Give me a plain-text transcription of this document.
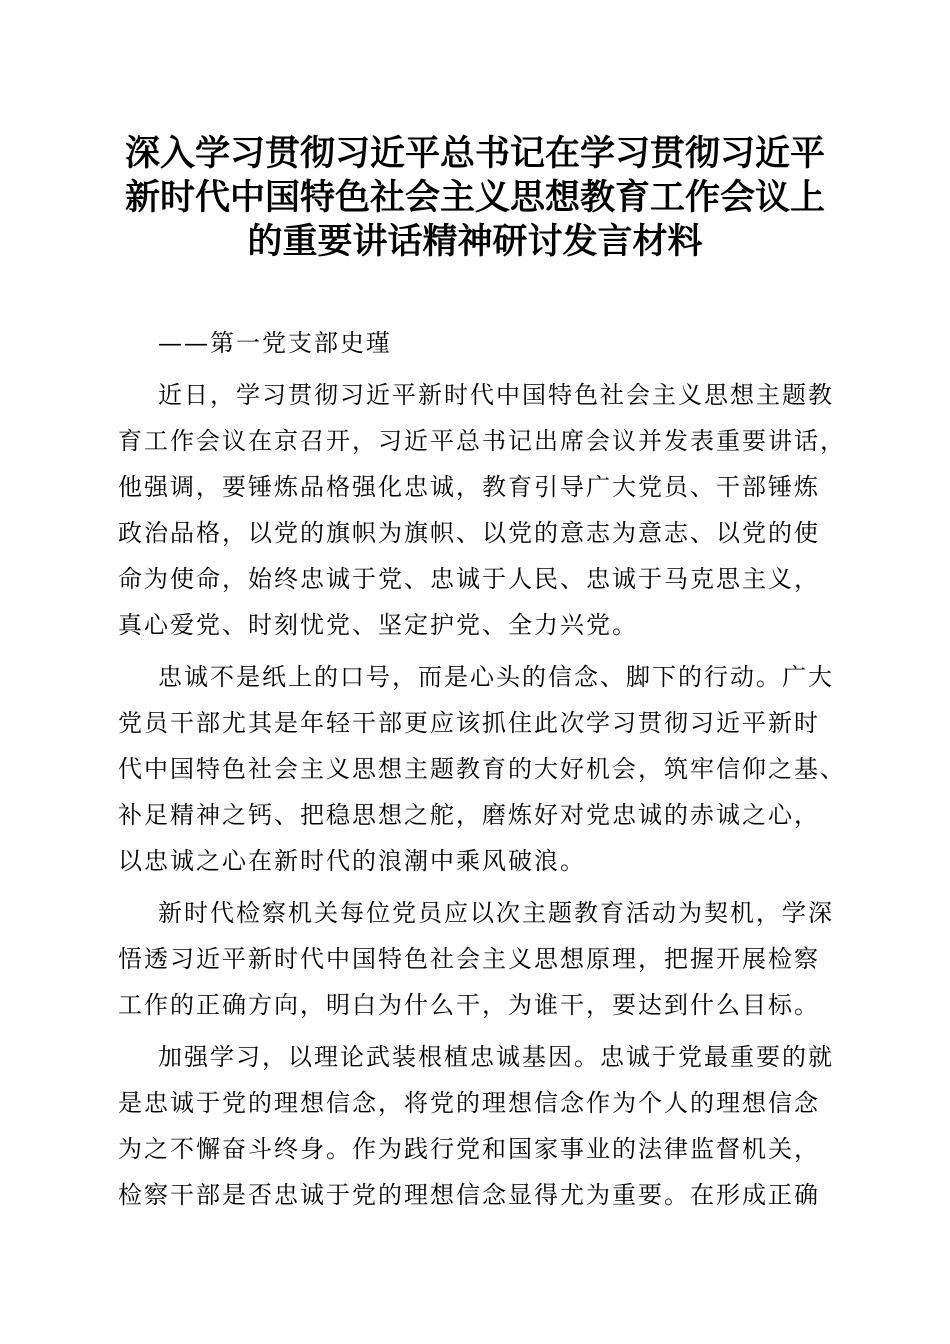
深入学习贯彻习近平总书记在学习贯彻习近平
新时代中国特色社会主义思想教育工作会议上
的重要讲话精神研讨发言材料

——第一党支部史瑾

近日，学习贯彻习近平新时代中国特色社会主义思想主题教
育工作会议在京召开，习近平总书记出席会议并发表重要讲话，
他强调，要锤炼品格强化忠诚，教育引导广大党员、干部锤炼
政治品格，以党的旗帜为旗帜、以党的意志为意志、以党的使
命为使命，始终忠诚于党、忠诚于人民、忠诚于马克思主义，
真心爱党、时刻忧党、坚定护党、全力兴党。

忠诚不是纸上的口号，而是心头的信念、脚下的行动。广大
党员干部尤其是年轻干部更应该抓住此次学习贯彻习近平新时
代中国特色社会主义思想主题教育的大好机会，筑牢信仰之基、
补足精神之钙、把稳思想之舵，磨炼好对党忠诚的赤诚之心，
以忠诚之心在新时代的浪潮中乘风破浪。

新时代检察机关每位党员应以次主题教育活动为契机，学深
悟透习近平新时代中国特色社会主义思想原理，把握开展检察
工作的正确方向，明白为什么干，为谁干，要达到什么目标。

加强学习，以理论武装根植忠诚基因。忠诚于党最重要的就
是忠诚于党的理想信念，将党的理想信念作为个人的理想信念
为之不懈奋斗终身。作为践行党和国家事业的法律监督机关，
检察干部是否忠诚于党的理想信念显得尤为重要。在形成正确
